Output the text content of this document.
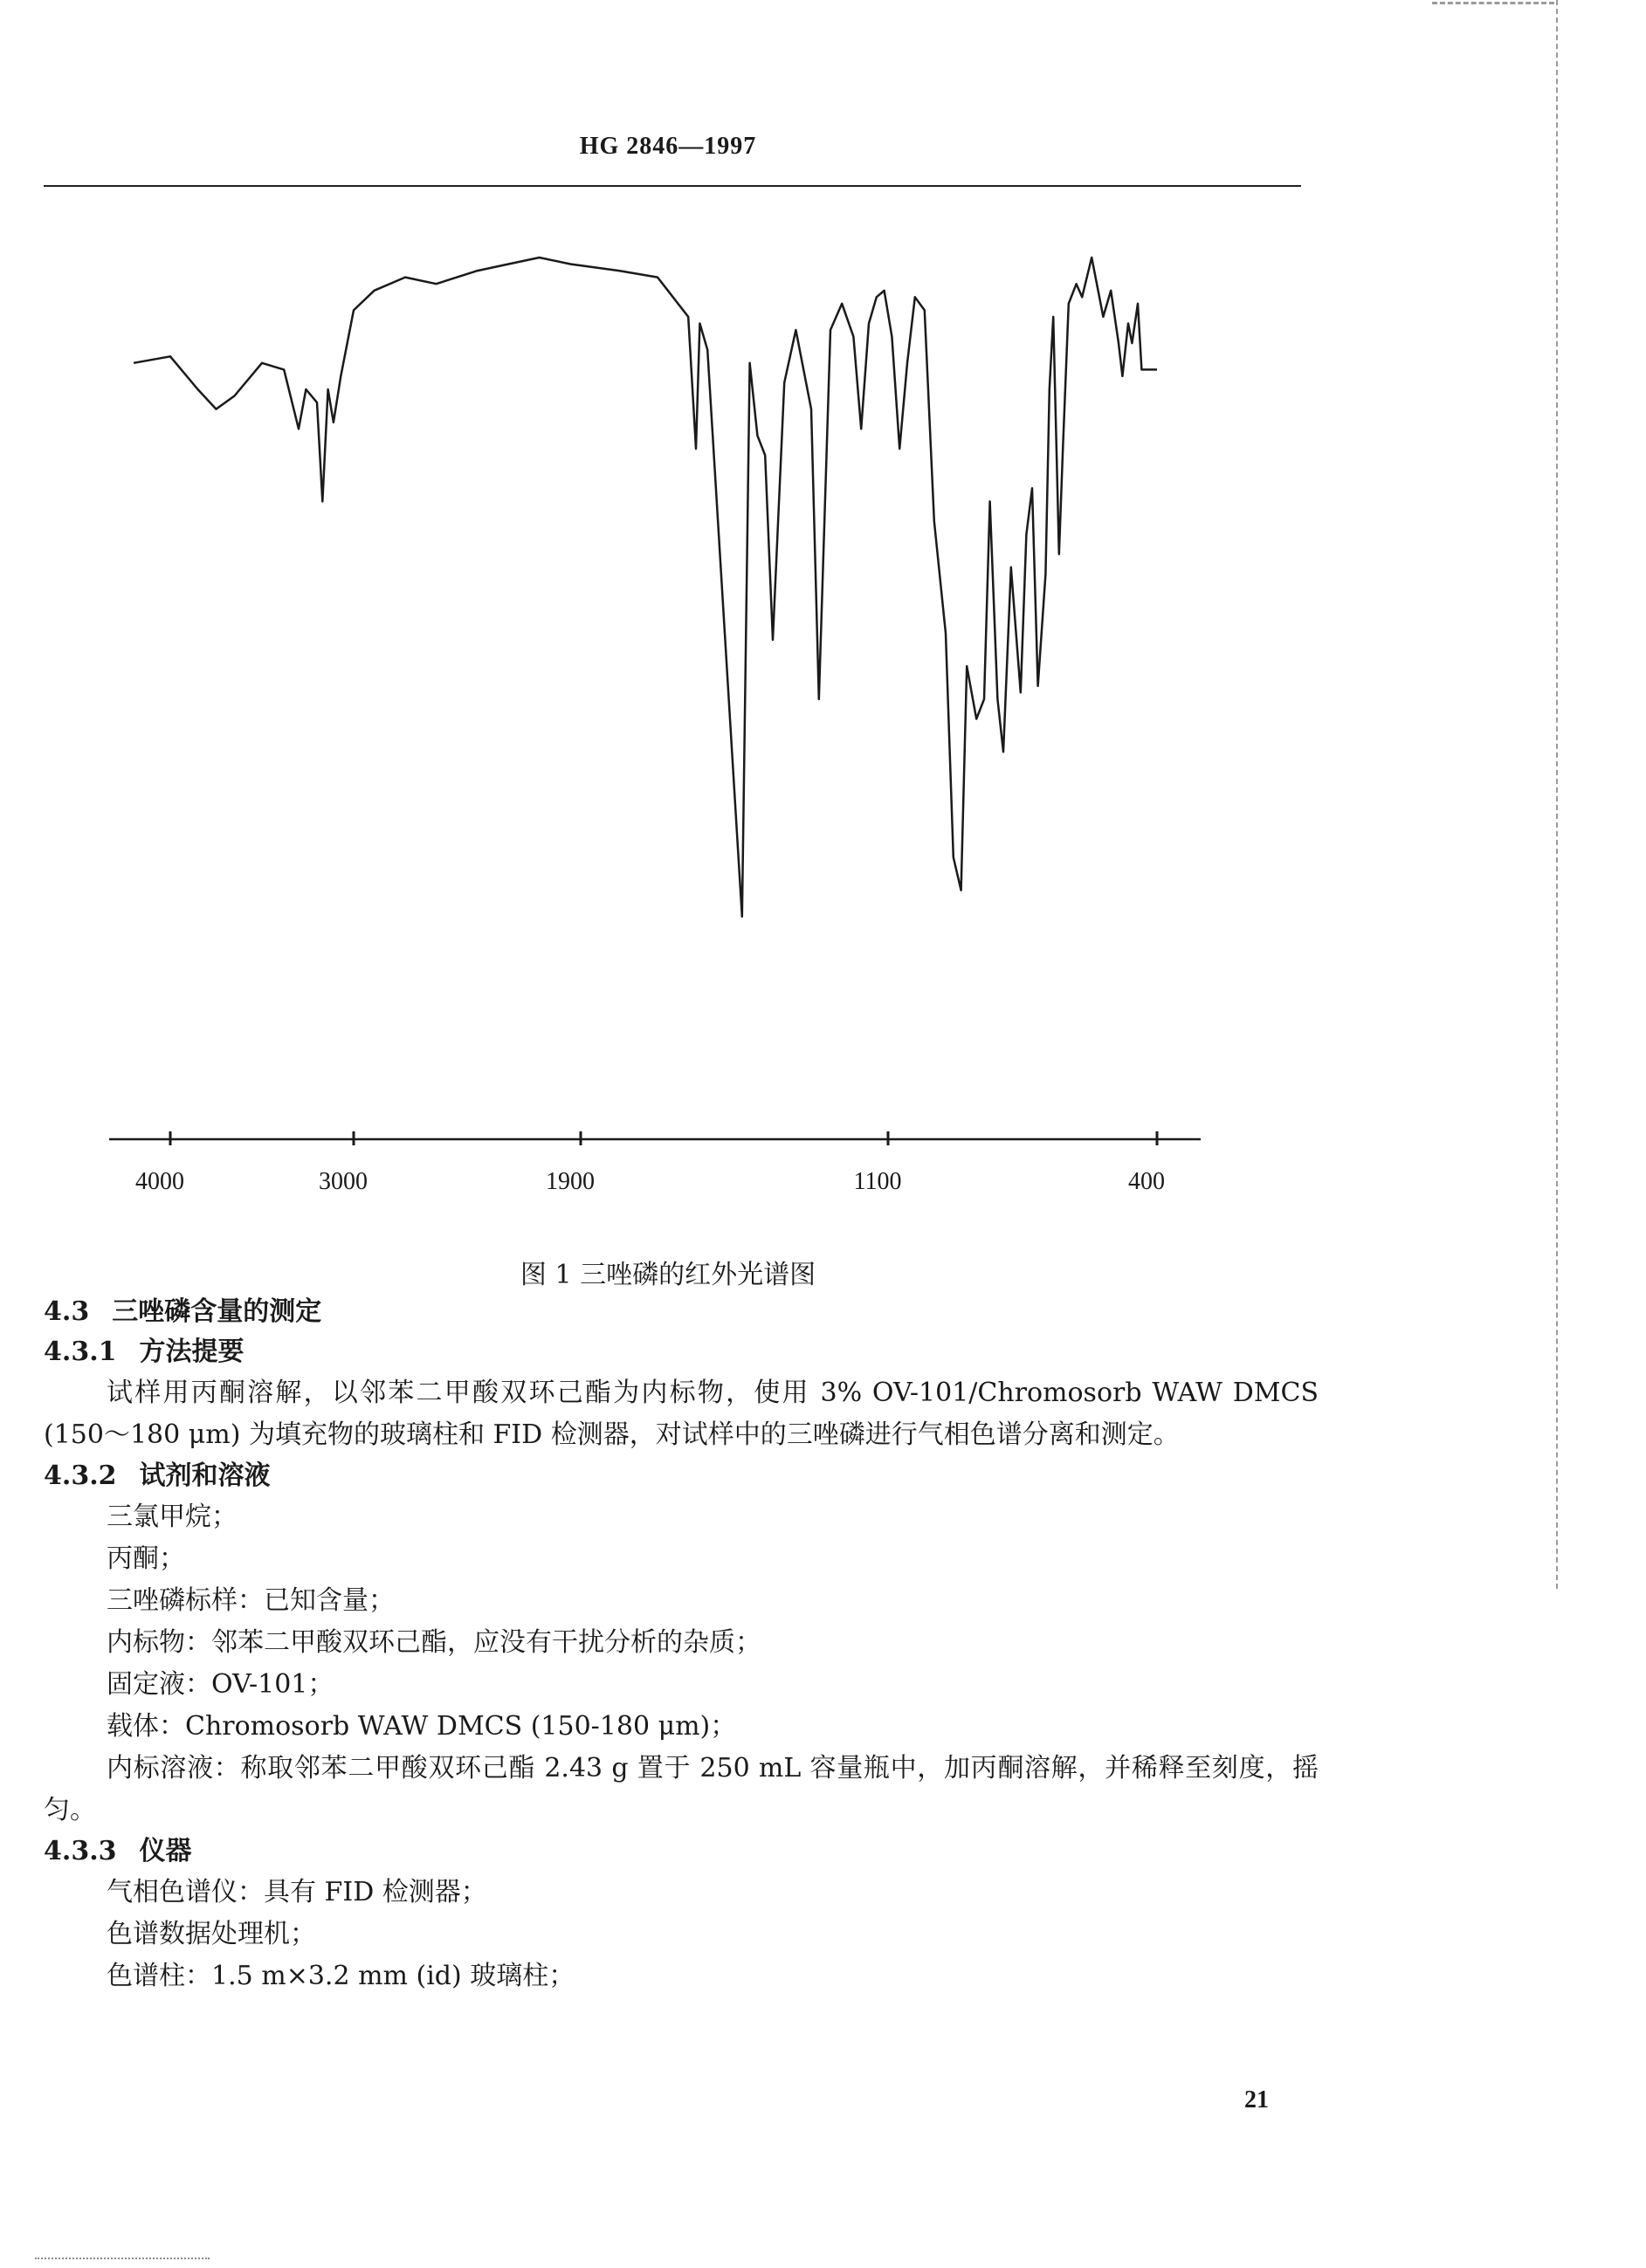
HG 2846—1997
4000	3000	1900	1100	400
图 1 三唑磷的红外光谱图
4.3 三唑磷含量的测定
4.3.1 方法提要

试样用丙酮溶解，以邻苯二甲酸双环己酯为内标物，使用 3% OV-101/Chromosorb WAW DMCS (150～180 μm) 为填充物的玻璃柱和 FID 检测器，对试样中的三唑磷进行气相色谱分离和测定。

4.3.2 试剂和溶液
三氯甲烷；
丙酮；
三唑磷标样：已知含量；
内标物：邻苯二甲酸双环己酯，应没有干扰分析的杂质；
固定液：OV-101；
载体：Chromosorb WAW DMCS (150-180 μm)；

内标溶液：称取邻苯二甲酸双环己酯 2.43 g 置于 250 mL 容量瓶中，加丙酮溶解，并稀释至刻度，摇匀。

4.3.3 仪器
气相色谱仪：具有 FID 检测器；
色谱数据处理机；
色谱柱：1.5 m×3.2 mm (id) 玻璃柱；
21
